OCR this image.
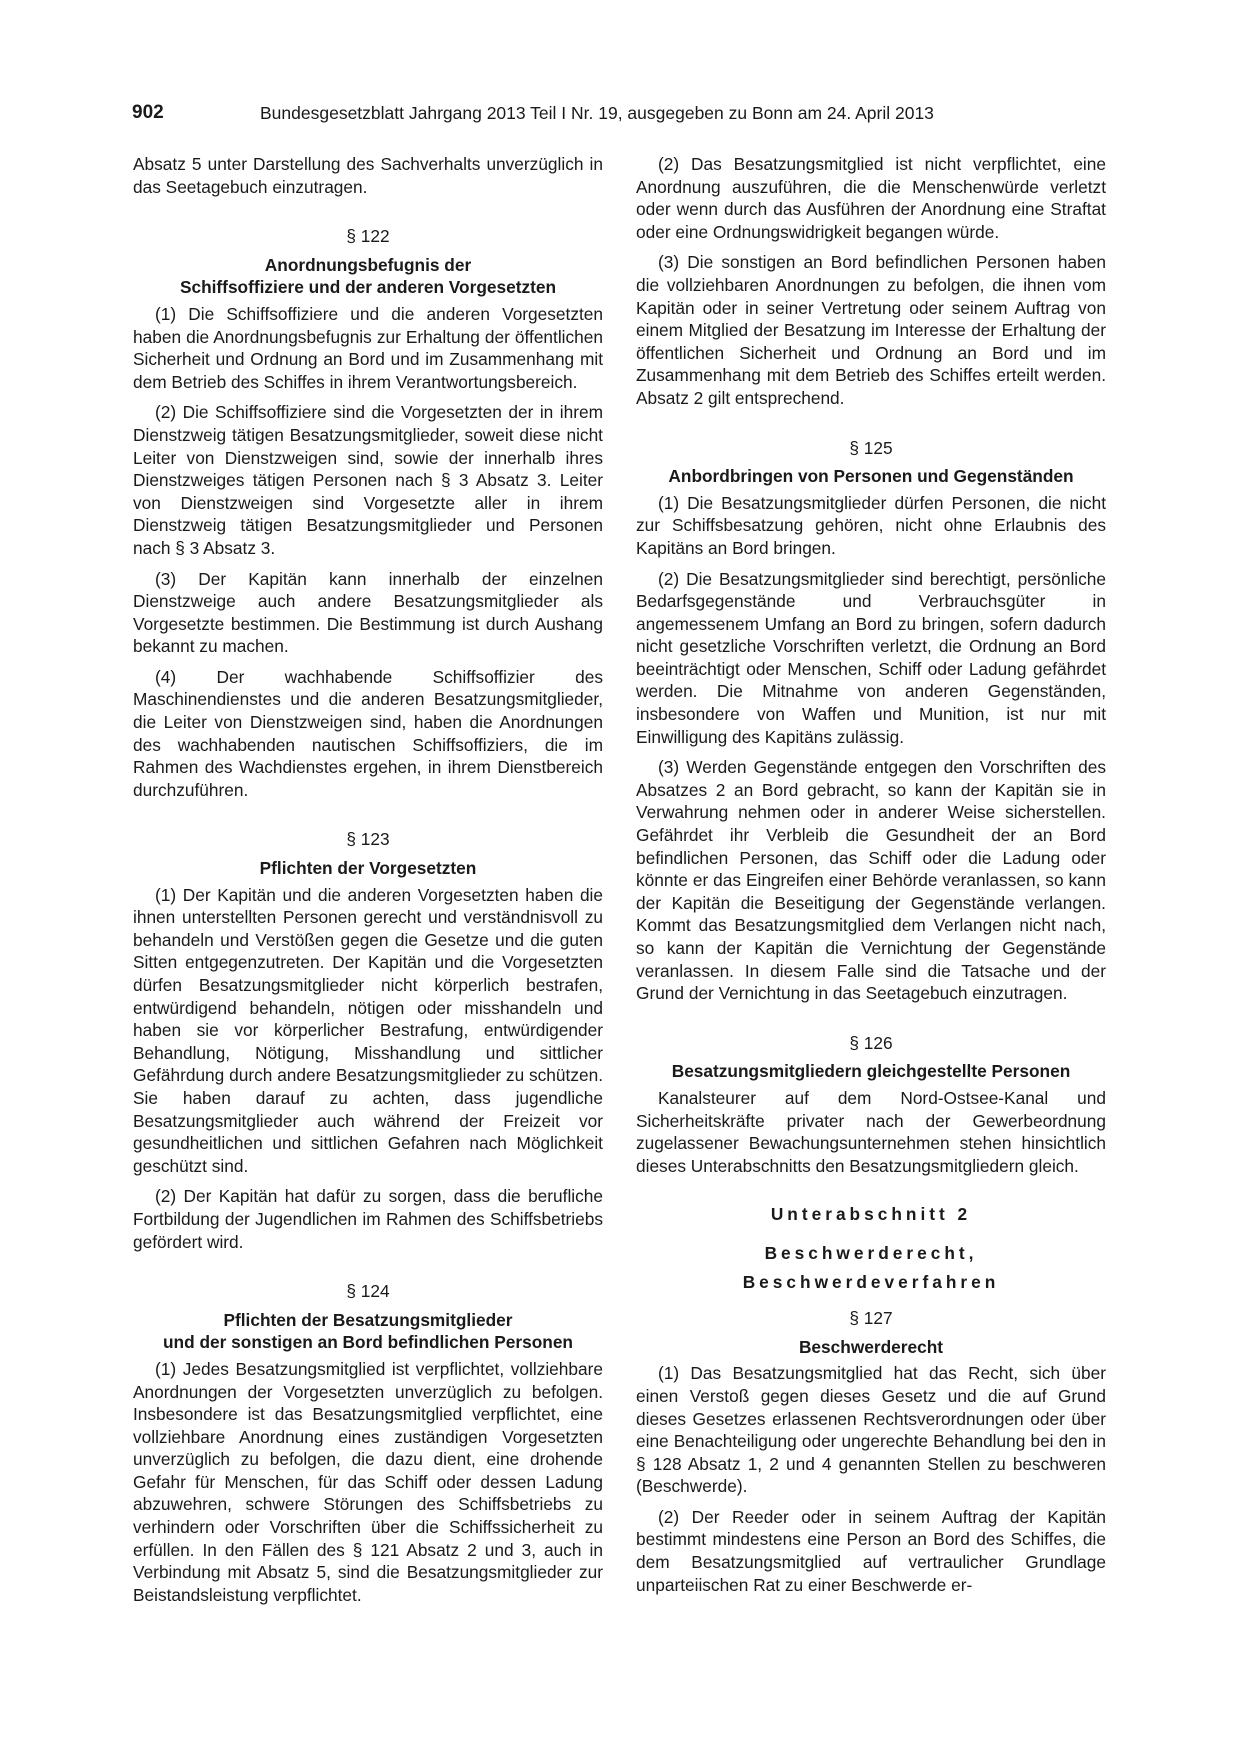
902	Bundesgesetzblatt Jahrgang 2013 Teil I Nr. 19, ausgegeben zu Bonn am 24. April 2013

Absatz 5 unter Darstellung des Sachverhalts unverzüglich in das Seetagebuch einzutragen.

§ 122
Anordnungsbefugnis der
Schiffsoffiziere und der anderen Vorgesetzten

(1) Die Schiffsoffiziere und die anderen Vorgesetzten haben die Anordnungsbefugnis zur Erhaltung der öffentlichen Sicherheit und Ordnung an Bord und im Zusammenhang mit dem Betrieb des Schiffes in ihrem Verantwortungsbereich.

(2) Die Schiffsoffiziere sind die Vorgesetzten der in ihrem Dienstzweig tätigen Besatzungsmitglieder, soweit diese nicht Leiter von Dienstzweigen sind, sowie der innerhalb ihres Dienstzweiges tätigen Personen nach § 3 Absatz 3. Leiter von Dienstzweigen sind Vorgesetzte aller in ihrem Dienstzweig tätigen Besatzungsmitglieder und Personen nach § 3 Absatz 3.

(3) Der Kapitän kann innerhalb der einzelnen Dienstzweige auch andere Besatzungsmitglieder als Vorgesetzte bestimmen. Die Bestimmung ist durch Aushang bekannt zu machen.

(4) Der wachhabende Schiffsoffizier des Maschinendienstes und die anderen Besatzungsmitglieder, die Leiter von Dienstzweigen sind, haben die Anordnungen des wachhabenden nautischen Schiffsoffiziers, die im Rahmen des Wachdienstes ergehen, in ihrem Dienstbereich durchzuführen.

§ 123
Pflichten der Vorgesetzten

(1) Der Kapitän und die anderen Vorgesetzten haben die ihnen unterstellten Personen gerecht und verständnisvoll zu behandeln und Verstößen gegen die Gesetze und die guten Sitten entgegenzutreten. Der Kapitän und die Vorgesetzten dürfen Besatzungsmitglieder nicht körperlich bestrafen, entwürdigend behandeln, nötigen oder misshandeln und haben sie vor körperlicher Bestrafung, entwürdigender Behandlung, Nötigung, Misshandlung und sittlicher Gefährdung durch andere Besatzungsmitglieder zu schützen. Sie haben darauf zu achten, dass jugendliche Besatzungsmitglieder auch während der Freizeit vor gesundheitlichen und sittlichen Gefahren nach Möglichkeit geschützt sind.

(2) Der Kapitän hat dafür zu sorgen, dass die berufliche Fortbildung der Jugendlichen im Rahmen des Schiffsbetriebs gefördert wird.

§ 124
Pflichten der Besatzungsmitglieder
und der sonstigen an Bord befindlichen Personen

(1) Jedes Besatzungsmitglied ist verpflichtet, vollziehbare Anordnungen der Vorgesetzten unverzüglich zu befolgen. Insbesondere ist das Besatzungsmitglied verpflichtet, eine vollziehbare Anordnung eines zuständigen Vorgesetzten unverzüglich zu befolgen, die dazu dient, eine drohende Gefahr für Menschen, für das Schiff oder dessen Ladung abzuwehren, schwere Störungen des Schiffsbetriebs zu verhindern oder Vorschriften über die Schiffssicherheit zu erfüllen. In den Fällen des § 121 Absatz 2 und 3, auch in Verbindung mit Absatz 5, sind die Besatzungsmitglieder zur Beistandsleistung verpflichtet.

(2) Das Besatzungsmitglied ist nicht verpflichtet, eine Anordnung auszuführen, die die Menschenwürde verletzt oder wenn durch das Ausführen der Anordnung eine Straftat oder eine Ordnungswidrigkeit begangen würde.

(3) Die sonstigen an Bord befindlichen Personen haben die vollziehbaren Anordnungen zu befolgen, die ihnen vom Kapitän oder in seiner Vertretung oder seinem Auftrag von einem Mitglied der Besatzung im Interesse der Erhaltung der öffentlichen Sicherheit und Ordnung an Bord und im Zusammenhang mit dem Betrieb des Schiffes erteilt werden. Absatz 2 gilt entsprechend.

§ 125
Anbordbringen von Personen und Gegenständen

(1) Die Besatzungsmitglieder dürfen Personen, die nicht zur Schiffsbesatzung gehören, nicht ohne Erlaubnis des Kapitäns an Bord bringen.

(2) Die Besatzungsmitglieder sind berechtigt, persönliche Bedarfsgegenstände und Verbrauchsgüter in angemessenem Umfang an Bord zu bringen, sofern dadurch nicht gesetzliche Vorschriften verletzt, die Ordnung an Bord beeinträchtigt oder Menschen, Schiff oder Ladung gefährdet werden. Die Mitnahme von anderen Gegenständen, insbesondere von Waffen und Munition, ist nur mit Einwilligung des Kapitäns zulässig.

(3) Werden Gegenstände entgegen den Vorschriften des Absatzes 2 an Bord gebracht, so kann der Kapitän sie in Verwahrung nehmen oder in anderer Weise sicherstellen. Gefährdet ihr Verbleib die Gesundheit der an Bord befindlichen Personen, das Schiff oder die Ladung oder könnte er das Eingreifen einer Behörde veranlassen, so kann der Kapitän die Beseitigung der Gegenstände verlangen. Kommt das Besatzungsmitglied dem Verlangen nicht nach, so kann der Kapitän die Vernichtung der Gegenstände veranlassen. In diesem Falle sind die Tatsache und der Grund der Vernichtung in das Seetagebuch einzutragen.

§ 126
Besatzungsmitgliedern gleichgestellte Personen

Kanalsteurer auf dem Nord-Ostsee-Kanal und Sicherheitskräfte privater nach der Gewerbeordnung zugelassener Bewachungsunternehmen stehen hinsichtlich dieses Unterabschnitts den Besatzungsmitgliedern gleich.

Unterabschnitt 2
Beschwerderecht,
Beschwerdeverfahren
§ 127
Beschwerderecht

(1) Das Besatzungsmitglied hat das Recht, sich über einen Verstoß gegen dieses Gesetz und die auf Grund dieses Gesetzes erlassenen Rechtsverordnungen oder über eine Benachteiligung oder ungerechte Behandlung bei den in § 128 Absatz 1, 2 und 4 genannten Stellen zu beschweren (Beschwerde).

(2) Der Reeder oder in seinem Auftrag der Kapitän bestimmt mindestens eine Person an Bord des Schiffes, die dem Besatzungsmitglied auf vertraulicher Grundlage unparteiischen Rat zu einer Beschwerde er-
